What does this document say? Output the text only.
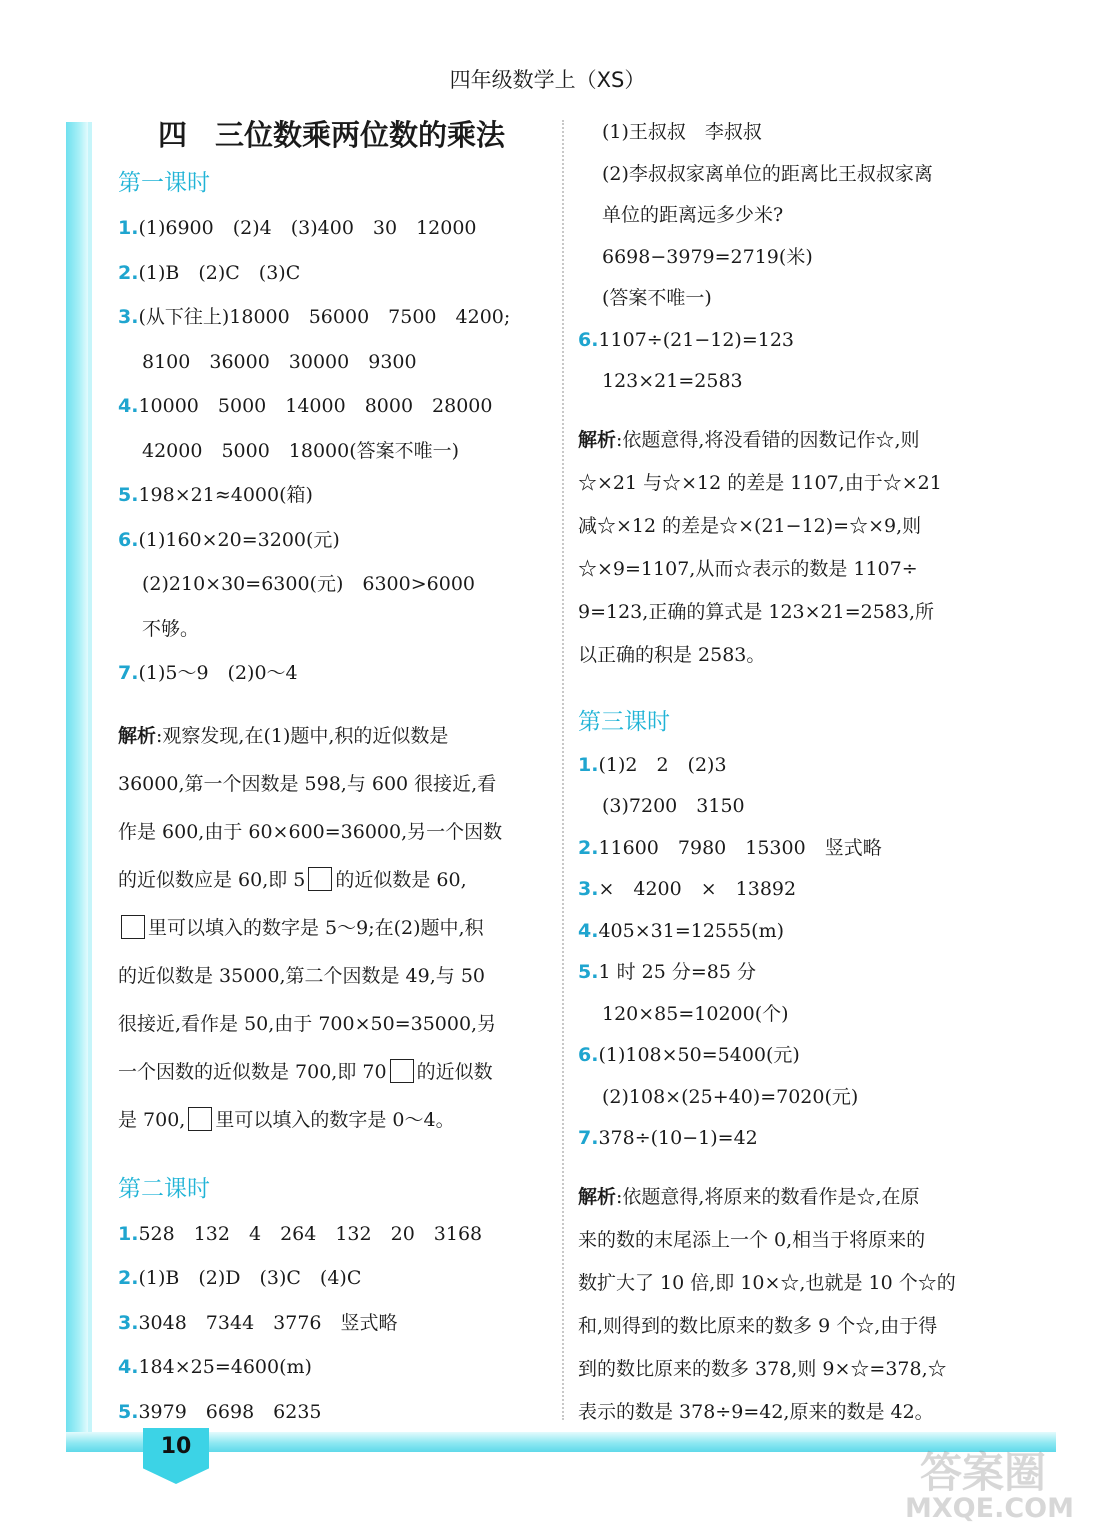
四年级数学上（XS）
10
四 三位数乘两位数的乘法
第一课时
1.(1)6900　(2)4　(3)400　30　12000
2.(1)B　(2)C　(3)C
3.(从下往上)18000　56000　7500　4200;
8100　36000　30000　9300
4.10000　5000　14000　8000　28000
42000　5000　18000(答案不唯一)
5.198×21≈4000(箱)
6.(1)160×20=3200(元)
(2)210×30=6300(元)　6300>6000
不够。
7.(1)5～9　(2)0～4
解析:观察发现,在(1)题中,积的近似数是
36000,第一个因数是 598,与 600 很接近,看
作是 600,由于 60×600=36000,另一个因数
的近似数应是 60,即 5 的近似数是 60,
里可以填入的数字是 5～9;在(2)题中,积
的近似数是 35000,第二个因数是 49,与 50
很接近,看作是 50,由于 700×50=35000,另
一个因数的近似数是 700,即 70 的近似数
是 700, 里可以填入的数字是 0～4。
第二课时
1.528　132　4　264　132　20　3168
2.(1)B　(2)D　(3)C　(4)C
3.3048　7344　3776　竖式略
4.184×25=4600(m)
5.3979　6698　6235
(1)王叔叔　李叔叔
(2)李叔叔家离单位的距离比王叔叔家离
单位的距离远多少米?
6698−3979=2719(米)
(答案不唯一)
6.1107÷(21−12)=123
123×21=2583
解析:依题意得,将没看错的因数记作☆,则
☆×21 与☆×12 的差是 1107,由于☆×21
减☆×12 的差是☆×(21−12)=☆×9,则
☆×9=1107,从而☆表示的数是 1107÷
9=123,正确的算式是 123×21=2583,所
以正确的积是 2583。
第三课时
1.(1)2　2　(2)3
(3)7200　3150
2.11600　7980　15300　竖式略
3.×　4200　×　13892
4.405×31=12555(m)
5.1 时 25 分=85 分
120×85=10200(个)
6.(1)108×50=5400(元)
(2)108×(25+40)=7020(元)
7.378÷(10−1)=42
解析:依题意得,将原来的数看作是☆,在原
来的数的末尾添上一个 0,相当于将原来的
数扩大了 10 倍,即 10×☆,也就是 10 个☆的
和,则得到的数比原来的数多 9 个☆,由于得
到的数比原来的数多 378,则 9×☆=378,☆
表示的数是 378÷9=42,原来的数是 42。
答案圈
MXQE.COM
